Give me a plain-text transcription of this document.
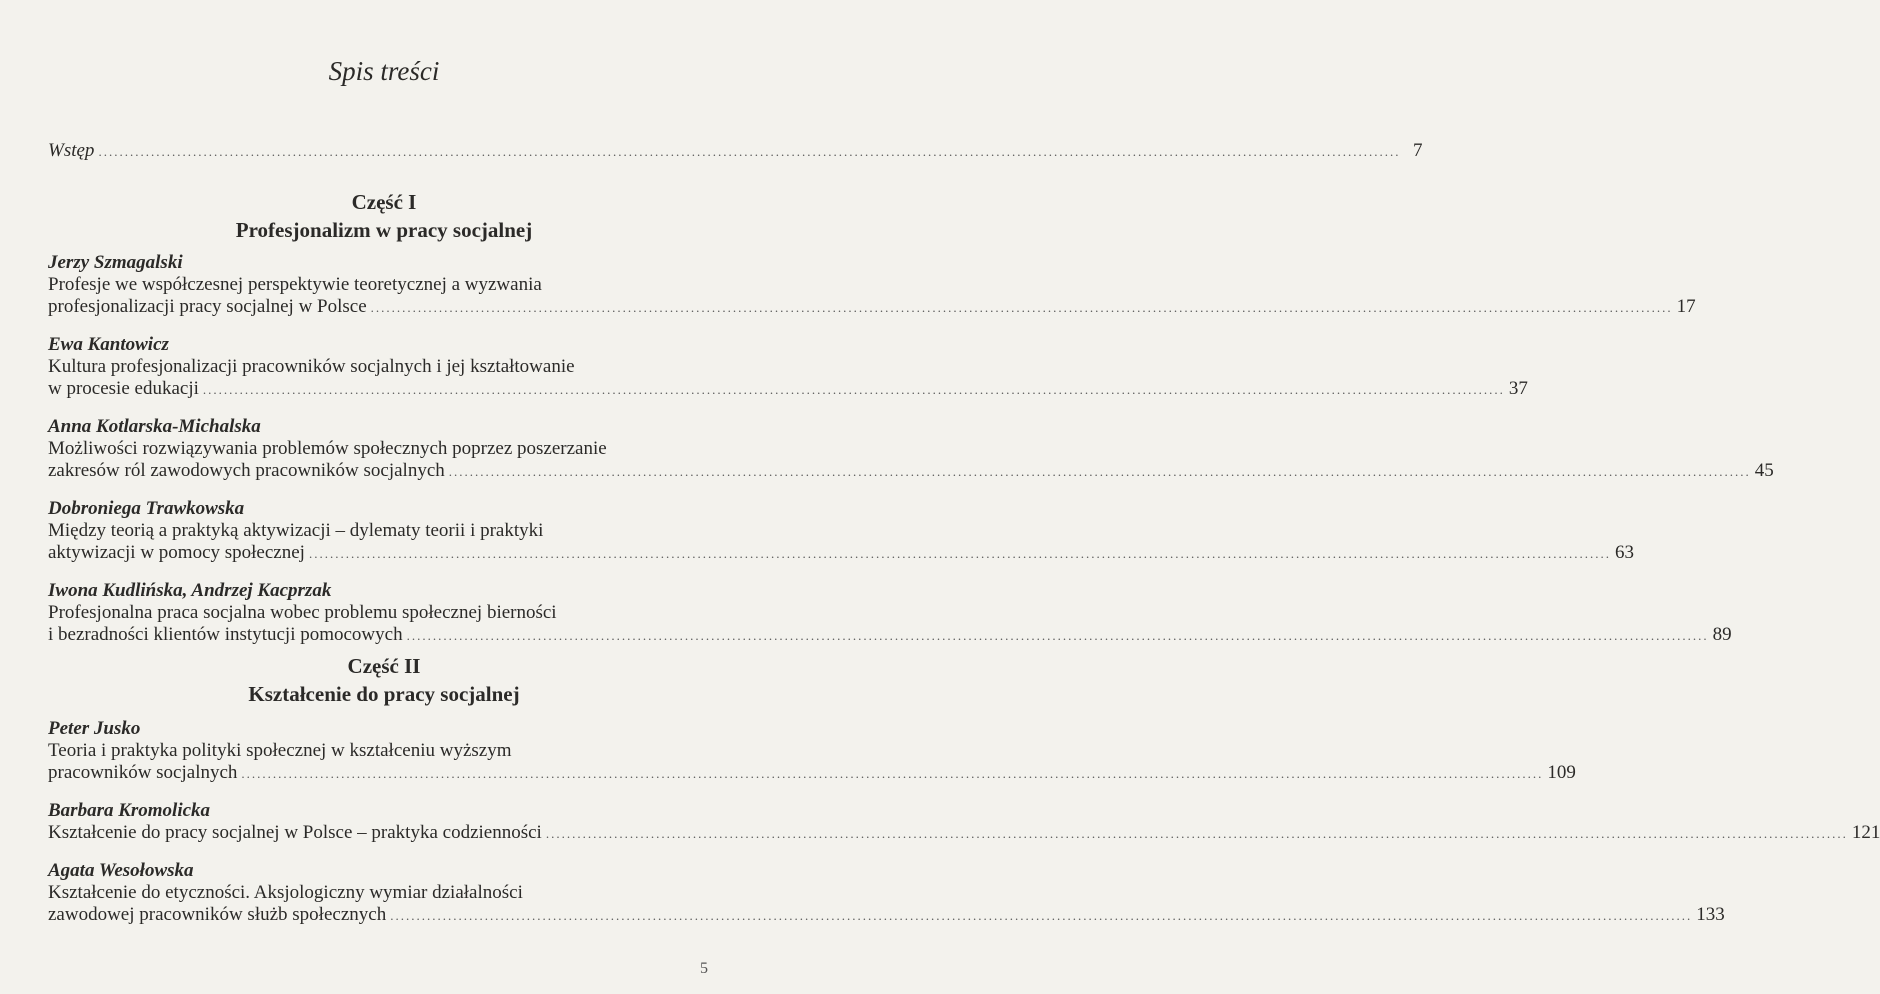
Spis treści
Wstęp ........................................................................................................................................................................................................................................................ 7
Część I
Profesjonalizm w pracy socjalnej
Jerzy Szmagalski
Profesje we współczesnej perspektywie teoretycznej a wyzwania
profesjonalizacji pracy socjalnej w Polsce ........................................................................................................................................................................................................................................................ 17
Ewa Kantowicz
Kultura profesjonalizacji pracowników socjalnych i jej kształtowanie
w procesie edukacji ........................................................................................................................................................................................................................................................ 37
Anna Kotlarska-Michalska
Możliwości rozwiązywania problemów społecznych poprzez poszerzanie
zakresów ról zawodowych pracowników socjalnych ........................................................................................................................................................................................................................................................ 45
Dobroniega Trawkowska
Między teorią a praktyką aktywizacji – dylematy teorii i praktyki
aktywizacji w pomocy społecznej ........................................................................................................................................................................................................................................................ 63
Iwona Kudlińska, Andrzej Kacprzak
Profesjonalna praca socjalna wobec problemu społecznej bierności
i bezradności klientów instytucji pomocowych ........................................................................................................................................................................................................................................................ 89
Część II
Kształcenie do pracy socjalnej
Peter Jusko
Teoria i praktyka polityki społecznej w kształceniu wyższym
pracowników socjalnych ........................................................................................................................................................................................................................................................ 109
Barbara Kromolicka
Kształcenie do pracy socjalnej w Polsce – praktyka codzienności ........................................................................................................................................................................................................................................................ 121
Agata Wesołowska
Kształcenie do etyczności. Aksjologiczny wymiar działalności
zawodowej pracowników służb społecznych ........................................................................................................................................................................................................................................................ 133
5
